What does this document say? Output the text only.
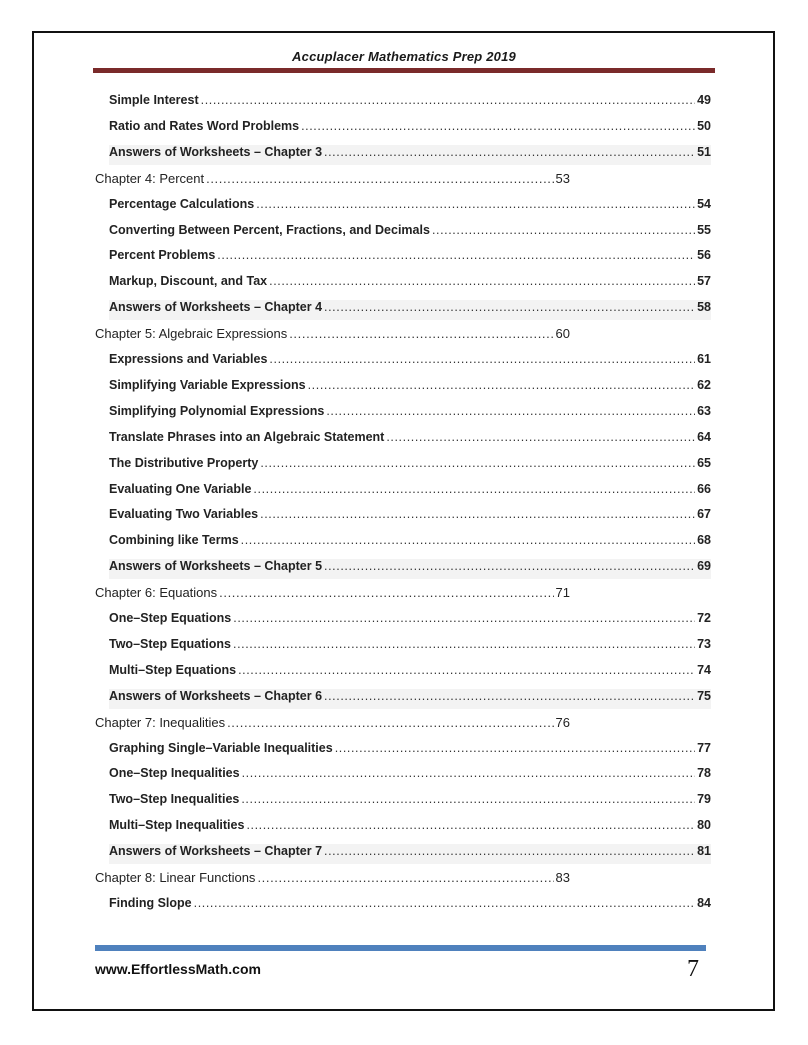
Accuplacer Mathematics Prep 2019
Simple Interest .....	49
Ratio and Rates Word Problems .....	50
Answers of Worksheets – Chapter 3 .....	51
Chapter 4: Percent .....	53
Percentage Calculations .....	54
Converting Between Percent, Fractions, and Decimals .....	55
Percent Problems .....	56
Markup, Discount, and Tax .....	57
Answers of Worksheets – Chapter 4 .....	58
Chapter 5: Algebraic Expressions .....	60
Expressions and Variables .....	61
Simplifying Variable Expressions .....	62
Simplifying Polynomial Expressions .....	63
Translate Phrases into an Algebraic Statement .....	64
The Distributive Property .....	65
Evaluating One Variable .....	66
Evaluating Two Variables .....	67
Combining like Terms .....	68
Answers of Worksheets – Chapter 5 .....	69
Chapter 6: Equations .....	71
One–Step Equations .....	72
Two–Step Equations .....	73
Multi–Step Equations .....	74
Answers of Worksheets – Chapter 6 .....	75
Chapter 7: Inequalities .....	76
Graphing Single–Variable Inequalities .....	77
One–Step Inequalities .....	78
Two–Step Inequalities .....	79
Multi–Step Inequalities .....	80
Answers of Worksheets – Chapter 7 .....	81
Chapter 8: Linear Functions .....	83
Finding Slope .....	84
www.EffortlessMath.com	7
